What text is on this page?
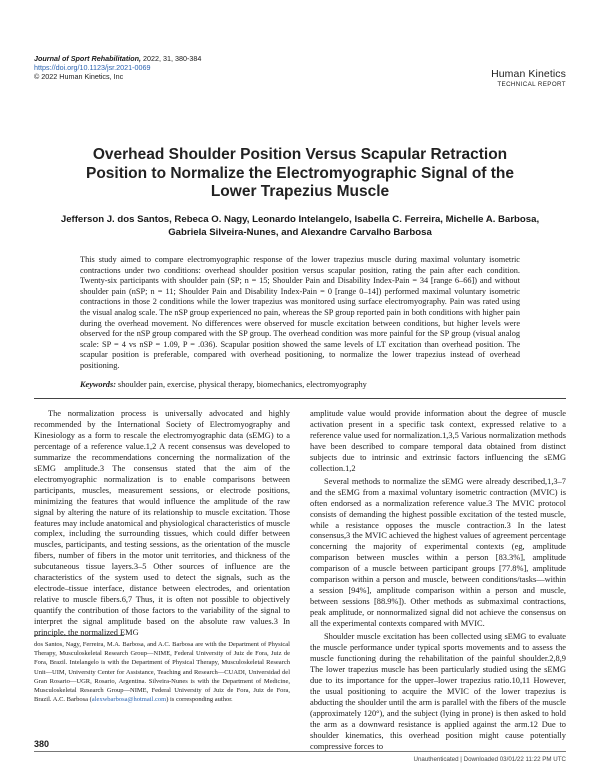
Journal of Sport Rehabilitation, 2022, 31, 380-384
https://doi.org/10.1123/jsr.2021-0069
© 2022 Human Kinetics, Inc	Human Kinetics
TECHNICAL REPORT
Overhead Shoulder Position Versus Scapular Retraction Position to Normalize the Electromyographic Signal of the Lower Trapezius Muscle
Jefferson J. dos Santos, Rebeca O. Nagy, Leonardo Intelangelo, Isabella C. Ferreira, Michelle A. Barbosa, Gabriela Silveira-Nunes, and Alexandre Carvalho Barbosa
This study aimed to compare electromyographic response of the lower trapezius muscle during maximal voluntary isometric contractions under two conditions: overhead shoulder position versus scapular position, rating the pain after each condition. Twenty-six participants with shoulder pain (SP; n = 15; Shoulder Pain and Disability Index-Pain = 34 [range 6–66]) and without shoulder pain (nSP; n = 11; Shoulder Pain and Disability Index-Pain = 0 [range 0–14]) performed maximal voluntary isometric contractions in those 2 conditions while the lower trapezius was monitored using surface electromyography. Pain was rated using the visual analog scale. The nSP group experienced no pain, whereas the SP group reported pain in both conditions with higher pain during the overhead movement. No differences were observed for muscle excitation between conditions, but higher levels were observed for the nSP group compared with the SP group. The overhead condition was more painful for the SP group (visual analog scale: SP = 4 vs nSP = 1.09, P = .036). Scapular position showed the same levels of LT excitation than overhead position. The scapular position is preferable, compared with overhead positioning, to normalize the lower trapezius instead of overhead positioning.
Keywords: shoulder pain, exercise, physical therapy, biomechanics, electromyography

The normalization process is universally advocated and highly recommended by the International Society of Electromyography and Kinesiology as a form to rescale the electromyographic data (sEMG) to a percentage of a reference value.1,2 A recent consensus was developed to summarize the recommendations concerning the normalization of the sEMG amplitude.3 The consensus stated that the aim of the electromyographic normalization is to enable comparisons between participants, muscles, measurement sessions, or electrode positions, minimizing the features that would influence the amplitude of the raw signal by altering the nature of its relationship to muscle excitation. Those features may include anatomical and physiological characteristics of muscle complex, including the surrounding tissues, which could differ between muscles, participants, and testing sessions, as the orientation of the muscle fibers, number of fibers in the motor unit territories, and thickness of the subcutaneous tissue layers.3–5 Other sources of influence are the characteristics of the system used to detect the signals, such as the electrode–tissue interface, distance between electrodes, and orientation relative to muscle fibers.6,7 Thus, it is often not possible to objectively quantify the contribution of those factors to the variability of the signal to interpret the signal amplitude based on the absolute raw values.3 In principle, the normalized EMG

amplitude value would provide information about the degree of muscle activation present in a specific task context, expressed relative to a reference value used for normalization.1,3,5 Various normalization methods have been described to compare temporal data obtained from distinct subjects due to intrinsic and extrinsic factors influencing the sEMG collection.1,2

Several methods to normalize the sEMG were already described,1,3–7 and the sEMG from a maximal voluntary isometric contraction (MVIC) is often endorsed as a normalization reference value.3 The MVIC protocol consists of demanding the highest possible excitation of the tested muscle, while a resistance opposes the muscle contraction.3 In the latest consensus,3 the MVIC achieved the highest values of agreement percentage concerning the majority of experimental contexts (eg, amplitude comparison between muscles within a person [83.3%], amplitude comparison of a muscle between participant groups [77.8%], amplitude comparison within a person and muscle, between conditions/tasks—within a session [94%], amplitude comparison within a person and muscle, between sessions [88.9%]). Other methods as submaximal contractions, peak amplitude, or nonnormalized signal did not achieve the consensus on all the experimental contexts compared with MVIC.

Shoulder muscle excitation has been collected using sEMG to evaluate the muscle performance under typical sports movements and to assess the muscle functioning during the rehabilitation of the painful shoulder.2,8,9 The lower trapezius muscle has been particularly studied using the sEMG due to its importance for the upper–lower trapezius ratio.10,11 However, the usual positioning to acquire the MVIC of the lower trapezius is abducting the shoulder until the arm is parallel with the fibers of the muscle (approximately 120°), and the subject (lying in prone) is then asked to hold the arm as a downward resistance is applied against the arm.12 Due to shoulder kinematics, this overhead position might cause potentially compressive forces to

dos Santos, Nagy, Ferreira, M.A. Barbosa, and A.C. Barbosa are with the Department of Physical Therapy, Musculoskeletal Research Group—NIME, Federal University of Juiz de Fora, Juiz de Fora, Brazil. Intelangelo is with the Department of Physical Therapy, Musculoskeletal Research Unit—UIM, University Center for Assistance, Teaching and Research—CUADI, Universidad del Gran Rosario—UGR, Rosario, Argentina. Silveira-Nunes is with the Department of Medicine, Musculoskeletal Research Group—NIME, Federal University of Juiz de Fora, Juiz de Fora, Brazil. A.C. Barbosa (alexwbarbosa@hotmail.com) is corresponding author.
380
Unauthenticated | Downloaded 03/01/22 11:22 PM UTC
